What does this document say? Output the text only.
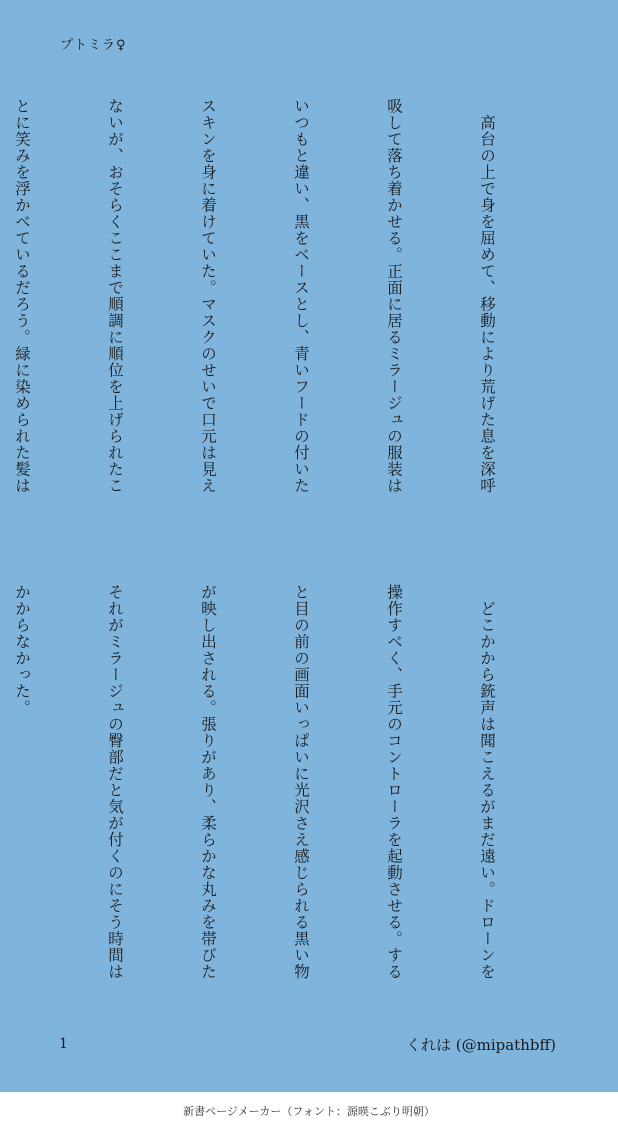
プトミラ♀

　高台の上で身を屈めて、移動により荒げた息を深呼

吸して落ち着かせる。正面に居るミラージュの服装は

いつもと違い、黒をベースとし、青いフードの付いた

スキンを身に着けていた。マスクのせいで口元は見え

ないが、おそらくここまで順調に順位を上げられたこ

とに笑みを浮かべているだろう。緑に染められた髪は

　どこかから銃声は聞こえるがまだ遠い。ドローンを

操作すべく、手元のコントローラを起動させる。する

と目の前の画面いっぱいに光沢さえ感じられる黒い物

が映し出される。張りがあり、柔らかな丸みを帯びた

それがミラージュの臀部だと気が付くのにそう時間は

かからなかった。

1	くれは (@mipathbff)
新書ページメーカー（フォント：源暎こぶり明朝）
